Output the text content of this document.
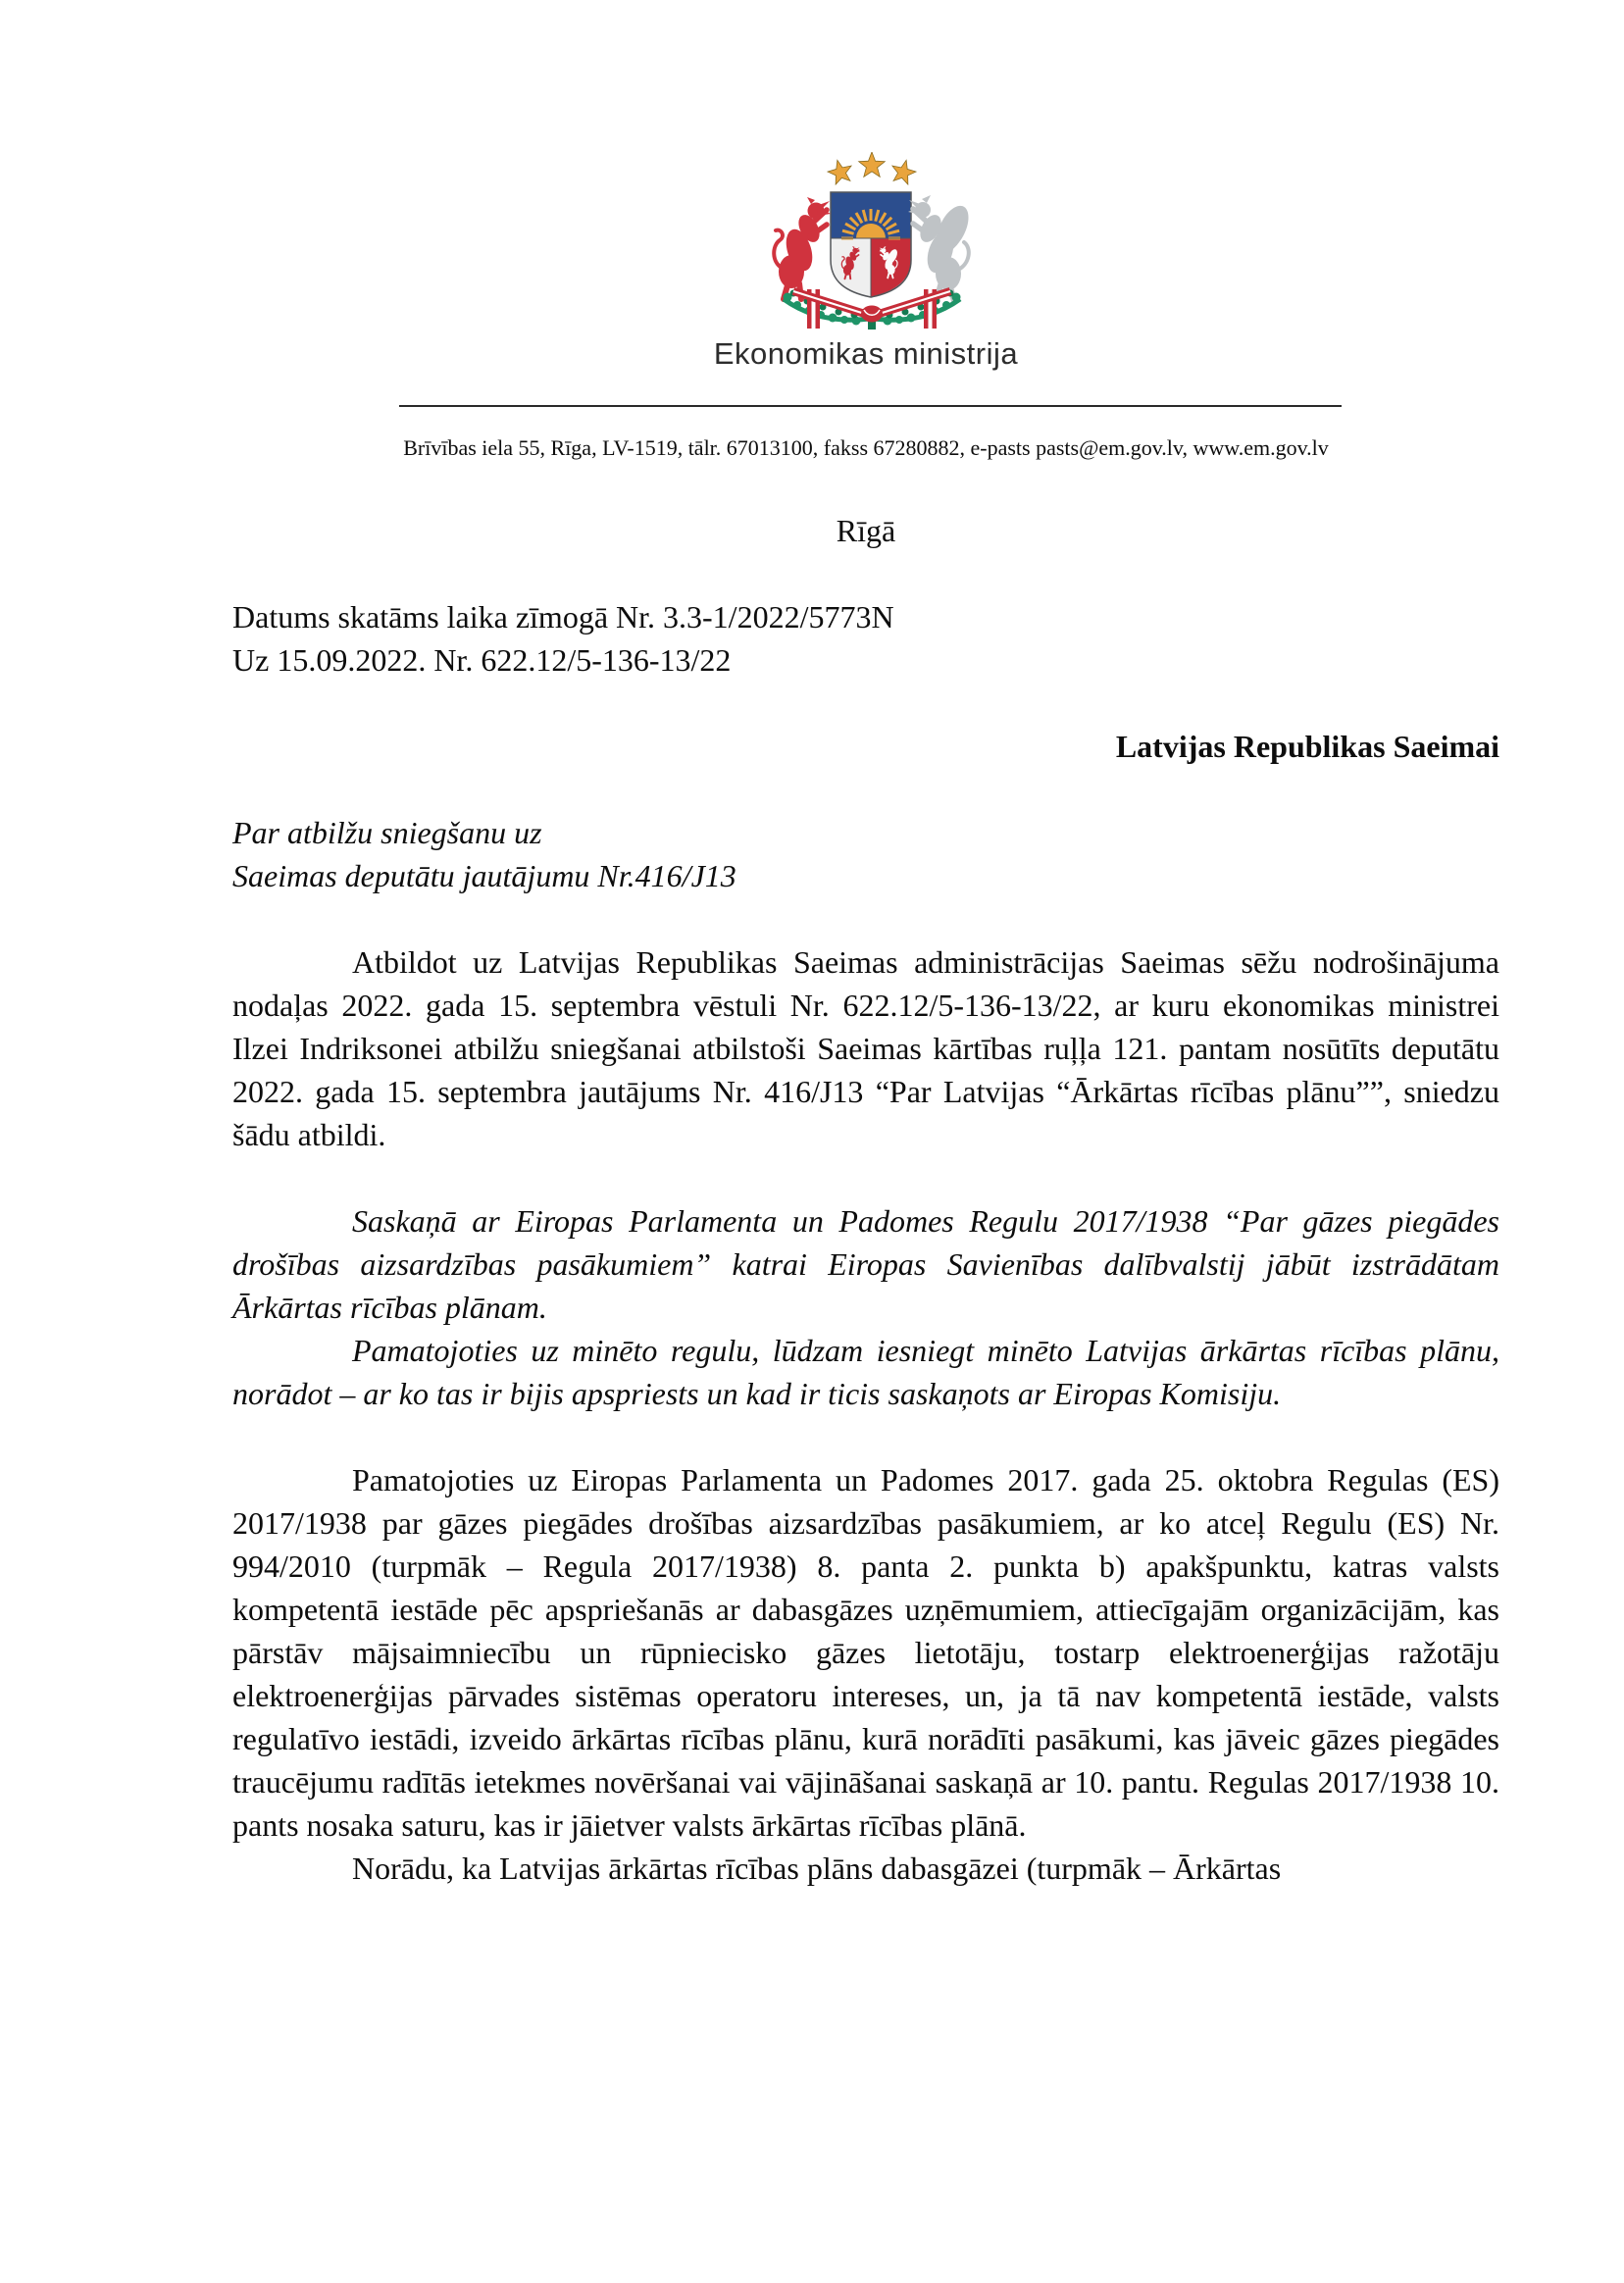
Ekonomikas ministrija
Brīvības iela 55, Rīga, LV-1519, tālr. 67013100, fakss 67280882, e-pasts pasts@em.gov.lv, www.em.gov.lv
Rīgā
Datums skatāms laika zīmogā Nr. 3.3-1/2022/5773N
Uz 15.09.2022. Nr. 622.12/5-136-13/22
Latvijas Republikas Saeimai
Par atbilžu sniegšanu uz
Saeimas deputātu jautājumu Nr.416/J13

Atbildot uz Latvijas Republikas Saeimas administrācijas Saeimas sēžu nodrošinājuma nodaļas 2022. gada 15. septembra vēstuli Nr. 622.12/5-136-13/22, ar kuru ekonomikas ministrei Ilzei Indriksonei atbilžu sniegšanai atbilstoši Saeimas kārtības ruļļa 121. pantam nosūtīts deputātu 2022. gada 15. septembra jautājums Nr. 416/J13 “Par Latvijas “Ārkārtas rīcības plānu””, sniedzu šādu atbildi.

Saskaņā ar Eiropas Parlamenta un Padomes Regulu 2017/1938 “Par gāzes piegādes drošības aizsardzības pasākumiem” katrai Eiropas Savienības dalībvalstij jābūt izstrādātam Ārkārtas rīcības plānam.

Pamatojoties uz minēto regulu, lūdzam iesniegt minēto Latvijas ārkārtas rīcības plānu, norādot – ar ko tas ir bijis apspriests un kad ir ticis saskaņots ar Eiropas Komisiju.

Pamatojoties uz Eiropas Parlamenta un Padomes 2017. gada 25. oktobra Regulas (ES) 2017/1938 par gāzes piegādes drošības aizsardzības pasākumiem, ar ko atceļ Regulu (ES) Nr. 994/2010 (turpmāk – Regula 2017/1938) 8. panta 2. punkta b) apakšpunktu, katras valsts kompetentā iestāde pēc apspriešanās ar dabasgāzes uzņēmumiem, attiecīgajām organizācijām, kas pārstāv mājsaimniecību un rūpniecisko gāzes lietotāju, tostarp elektroenerģijas ražotāju elektroenerģijas pārvades sistēmas operatoru intereses, un, ja tā nav kompetentā iestāde, valsts regulatīvo iestādi, izveido ārkārtas rīcības plānu, kurā norādīti pasākumi, kas jāveic gāzes piegādes traucējumu radītās ietekmes novēršanai vai vājināšanai saskaņā ar 10. pantu. Regulas 2017/1938 10. pants nosaka saturu, kas ir jāietver valsts ārkārtas rīcības plānā.

Norādu, ka Latvijas ārkārtas rīcības plāns dabasgāzei (turpmāk – Ārkārtas
